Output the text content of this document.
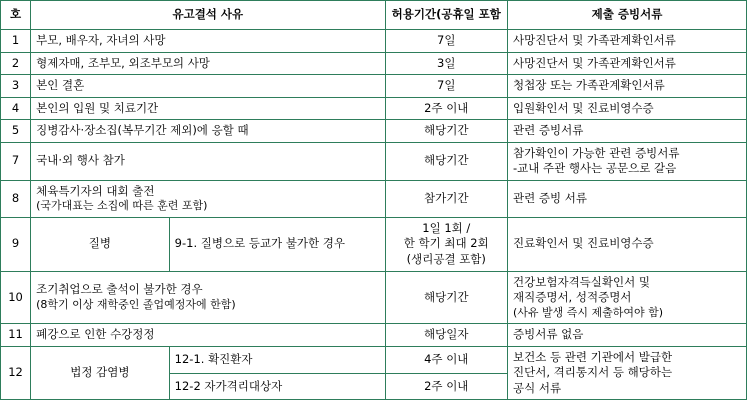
호	유고결석 사유		허용기간(공휴일 포함	제출 증빙서류
1	부모, 배우자, 자녀의 사망		7일	사망진단서 및 가족관계확인서류
2	형제자매, 조부모, 외조부모의 사망		3일	사망진단서 및 가족관계확인서류
3	본인 결혼		7일	청첩장 또는 가족관계확인서류
4	본인의 입원 및 치료기간		2주 이내	입원확인서 및 진료비영수증
5	징병감사·장소집(복무기간 제외)에 응할 때		해당기간	관련 증빙서류
7	국내·외 행사 참가		해당기간	참가확인이 가능한 관련 증빙서류
-교내 주관 행사는 공문으로 갈음

8	체육특기자의 대회 출전
(국가대표는 소집에 따른 훈련 포함)		참가기간	관련 증빙 서류
9	질병	9-1. 질병으로 등교가 불가한 경우	1일 1회 /
한 학기 최대 2회
(생리공결 포함)	진료확인서 및 진료비영수증
10	조기취업으로 출석이 불가한 경우
(8학기 이상 재학중인 졸업예정자에 한함)		해당기간	건강보험자격득실확인서 및
재직증명서, 성적증명서
(사유 발생 즉시 제출하여야 함)

11	폐강으로 인한 수강정정		해당일자	증빙서류 없음
12	법정 감염병	12-1. 확진환자	4주 이내	보건소 등 관련 기관에서 발급한
진단서, 격리통지서 등 해당하는
공식 서류

		12-2 자가격리대상자	2주 이내	
